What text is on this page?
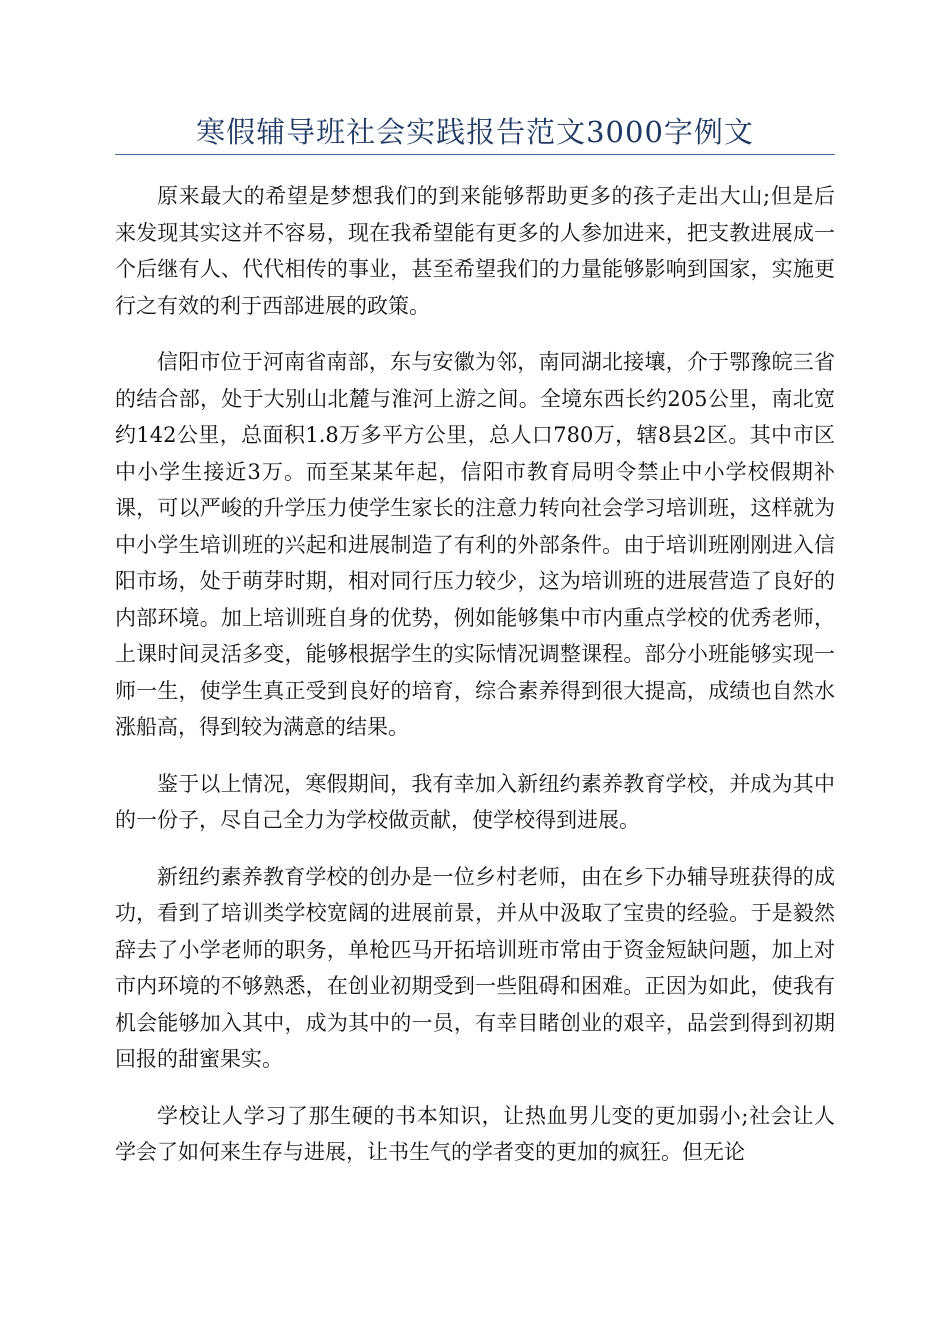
寒假辅导班社会实践报告范文3000字例文

原来最大的希望是梦想我们的到来能够帮助更多的孩子走出大山;但是后来发现其实这并不容易，现在我希望能有更多的人参加进来，把支教进展成一个后继有人、代代相传的事业，甚至希望我们的力量能够影响到国家，实施更行之有效的利于西部进展的政策。

信阳市位于河南省南部，东与安徽为邻，南同湖北接壤，介于鄂豫皖三省的结合部，处于大别山北麓与淮河上游之间。全境东西长约205公里，南北宽约142公里，总面积1.8万多平方公里，总人口780万，辖8县2区。其中市区中小学生接近3万。而至某某年起，信阳市教育局明令禁止中小学校假期补课，可以严峻的升学压力使学生家长的注意力转向社会学习培训班，这样就为中小学生培训班的兴起和进展制造了有利的外部条件。由于培训班刚刚进入信阳市场，处于萌芽时期，相对同行压力较少，这为培训班的进展营造了良好的内部环境。加上培训班自身的优势，例如能够集中市内重点学校的优秀老师，上课时间灵活多变，能够根据学生的实际情况调整课程。部分小班能够实现一师一生，使学生真正受到良好的培育，综合素养得到很大提高，成绩也自然水涨船高，得到较为满意的结果。

鉴于以上情况，寒假期间，我有幸加入新纽约素养教育学校，并成为其中的一份子，尽自己全力为学校做贡献，使学校得到进展。

新纽约素养教育学校的创办是一位乡村老师，由在乡下办辅导班获得的成功，看到了培训类学校宽阔的进展前景，并从中汲取了宝贵的经验。于是毅然辞去了小学老师的职务，单枪匹马开拓培训班市常由于资金短缺问题，加上对市内环境的不够熟悉，在创业初期受到一些阻碍和困难。正因为如此，使我有机会能够加入其中，成为其中的一员，有幸目睹创业的艰辛，品尝到得到初期回报的甜蜜果实。

学校让人学习了那生硬的书本知识，让热血男儿变的更加弱小;社会让人学会了如何来生存与进展，让书生气的学者变的更加的疯狂。但无论
